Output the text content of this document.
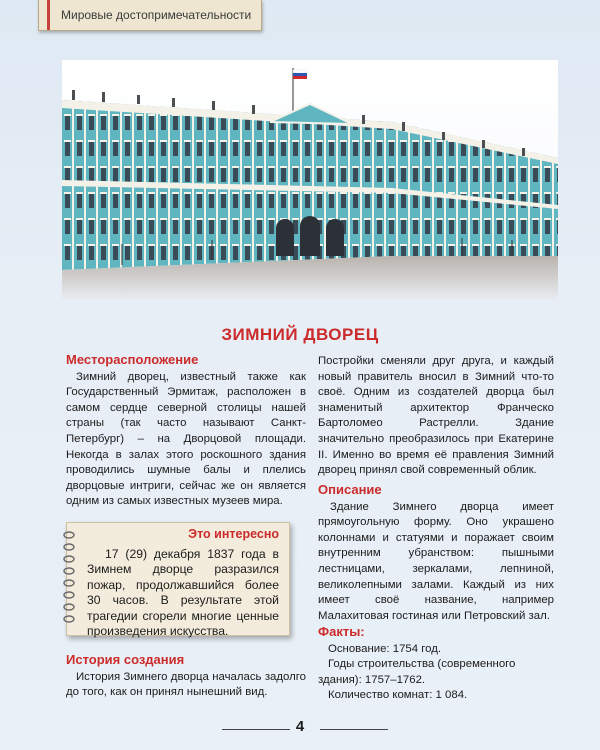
Мировые достопримечательности
ЗИМНИЙ ДВОРЕЦ
Месторасположение

Зимний дворец, известный также как Государственный Эрмитаж, расположен в самом сердце северной столицы нашей страны (так часто называют Санкт-Петербург) – на Дворцовой площади. Некогда в залах этого роскошного здания проводились шумные балы и плелись дворцовые интриги, сейчас же он является одним из самых известных музеев мира.

Это интересно
17 (29) декабря 1837 года в Зимнем дворце разразился пожар, продолжавшийся более 30 часов. В результате этой трагедии сгорели многие ценные произведения искусства.
История создания

История Зимнего дворца началась задолго до того, как он принял нынешний вид.

Постройки сменяли друг друга, и каждый новый правитель вносил в Зимний что-то своё. Одним из создателей дворца был знаменитый архитектор Франческо Бартоломео Растрелли. Здание значительно преобразилось при Екатерине II. Именно во время её правления Зимний дворец принял свой современный облик.

Описание

Здание Зимнего дворца имеет прямоугольную форму. Оно украшено колоннами и статуями и поражает своим внутренним убранством: пышными лестницами, зеркалами, лепниной, великолепными залами. Каждый из них имеет своё название, например Малахитовая гостиная или Петровский зал.

Факты:

Основание: 1754 год.

Годы строительства (современного здания): 1757–1762.

Количество комнат: 1 084.

4
